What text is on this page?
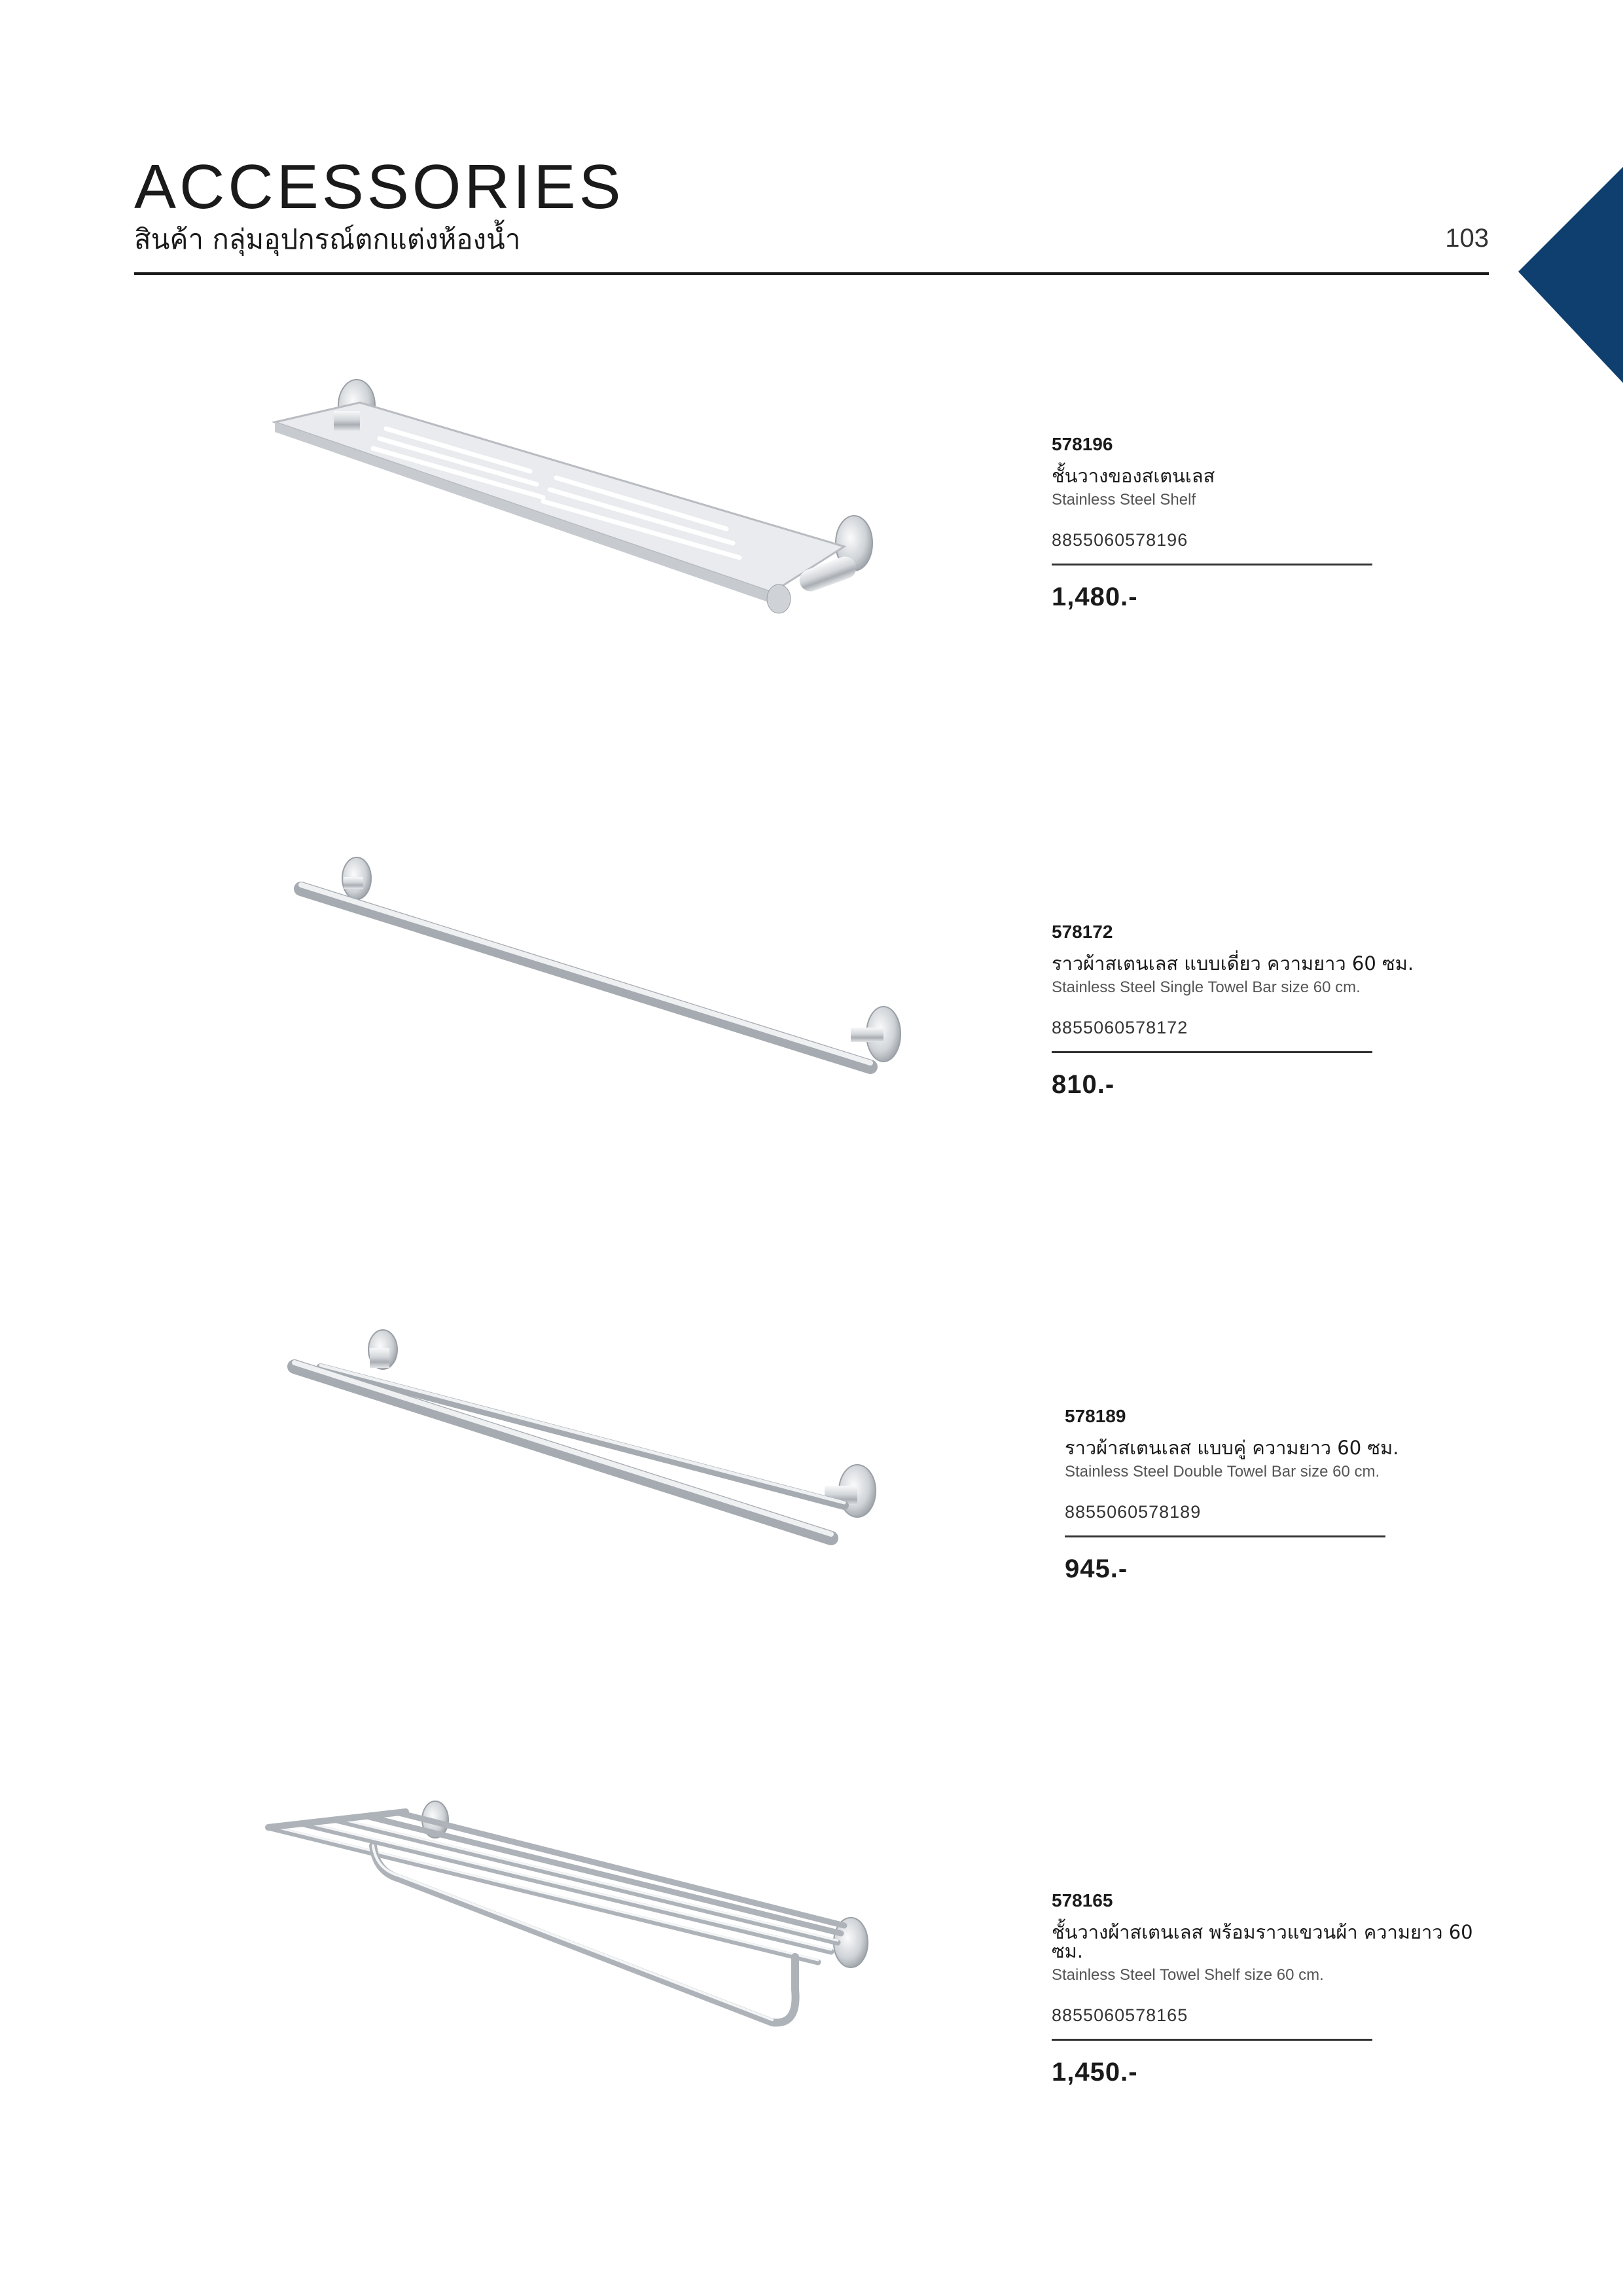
ACCESSORIES
สินค้า กลุ่มอุปกรณ์ตกแต่งห้องน้ำ	103
578196
ชั้นวางของสเตนเลส
Stainless Steel Shelf
8855060578196
1,480.-
578172
ราวผ้าสเตนเลส แบบเดี่ยว ความยาว 60 ซม.
Stainless Steel Single Towel Bar size 60 cm.
8855060578172
810.-
578189
ราวผ้าสเตนเลส แบบคู่ ความยาว 60 ซม.
Stainless Steel Double Towel Bar size 60 cm.
8855060578189
945.-
578165
ชั้นวางผ้าสเตนเลส พร้อมราวแขวนผ้า ความยาว 60 ซม.
Stainless Steel Towel Shelf size 60 cm.
8855060578165
1,450.-
